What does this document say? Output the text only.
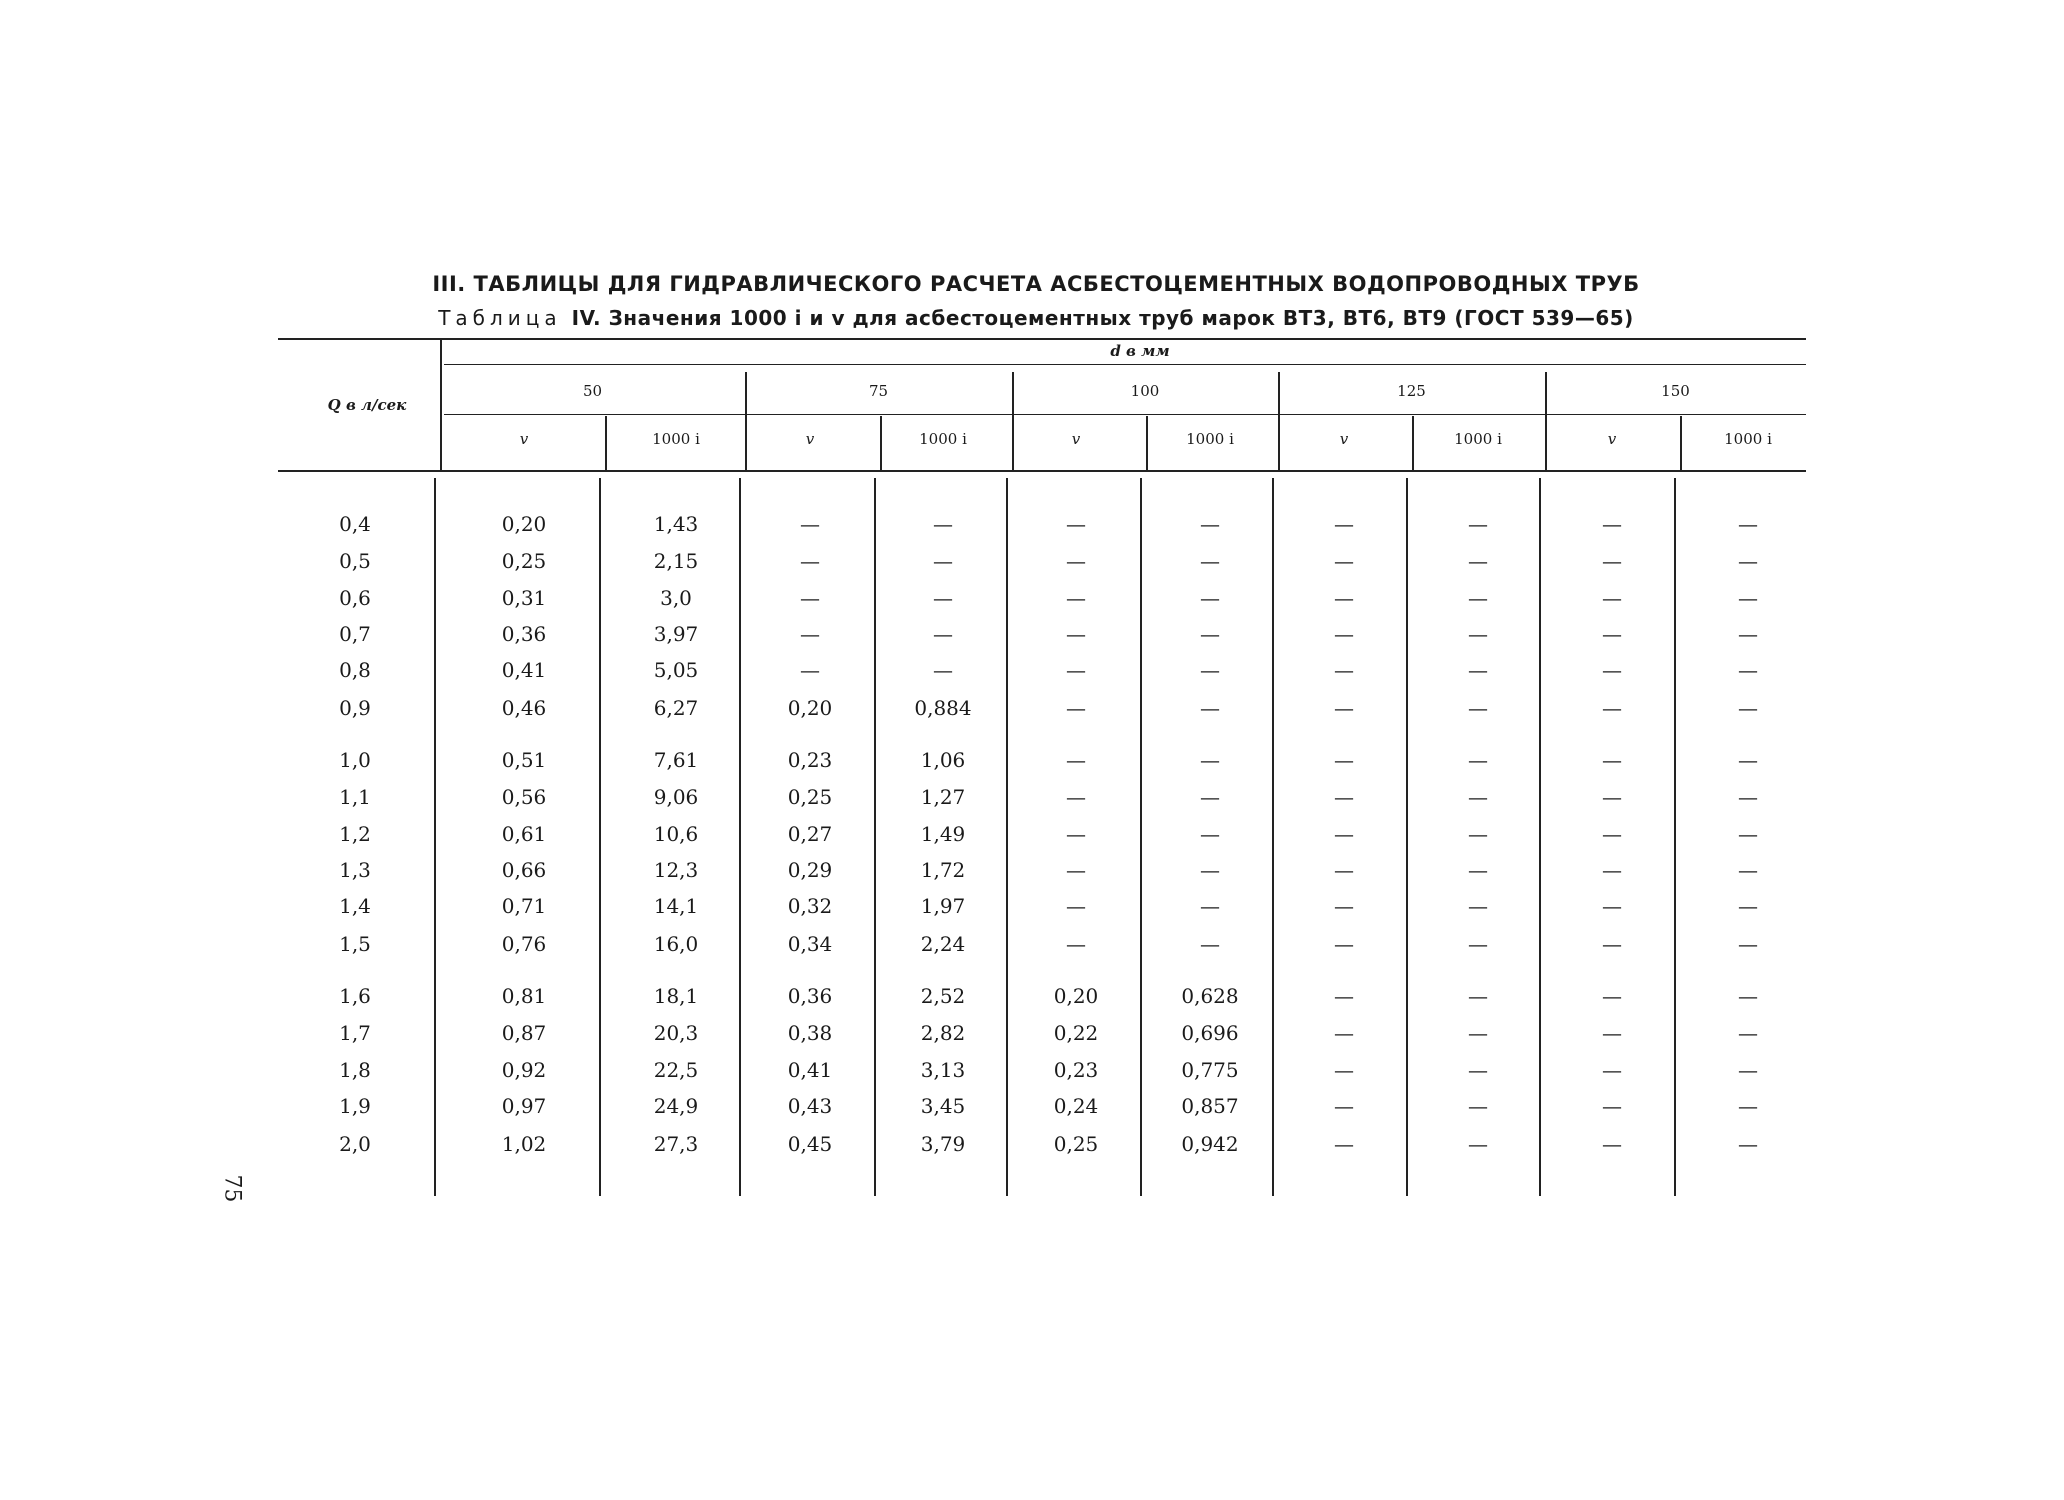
III. ТАБЛИЦЫ ДЛЯ ГИДРАВЛИЧЕСКОГО РАСЧЕТА АСБЕСТОЦЕМЕНТНЫХ ВОДОПРОВОДНЫХ ТРУБ
Таблица IV. Значения 1000 i и v для асбестоцементных труб марок ВТ3, ВТ6, ВТ9 (ГОСТ 539—65)
Q в л/сек
d в мм
50	75	100	125	150
v	1000 i	v	1000 i	v	1000 i	v	1000 i	v	1000 i
0,4	0,20	1,43	—	—	—	—	—	—	—	—
0,5	0,25	2,15	—	—	—	—	—	—	—	—
0,6	0,31	3,0	—	—	—	—	—	—	—	—
0,7	0,36	3,97	—	—	—	—	—	—	—	—
0,8	0,41	5,05	—	—	—	—	—	—	—	—
0,9	0,46	6,27	0,20	0,884	—	—	—	—	—	—
1,0	0,51	7,61	0,23	1,06	—	—	—	—	—	—
1,1	0,56	9,06	0,25	1,27	—	—	—	—	—	—
1,2	0,61	10,6	0,27	1,49	—	—	—	—	—	—
1,3	0,66	12,3	0,29	1,72	—	—	—	—	—	—
1,4	0,71	14,1	0,32	1,97	—	—	—	—	—	—
1,5	0,76	16,0	0,34	2,24	—	—	—	—	—	—
1,6	0,81	18,1	0,36	2,52	0,20	0,628	—	—	—	—
1,7	0,87	20,3	0,38	2,82	0,22	0,696	—	—	—	—
1,8	0,92	22,5	0,41	3,13	0,23	0,775	—	—	—	—
1,9	0,97	24,9	0,43	3,45	0,24	0,857	—	—	—	—
2,0	1,02	27,3	0,45	3,79	0,25	0,942	—	—	—	—
75
